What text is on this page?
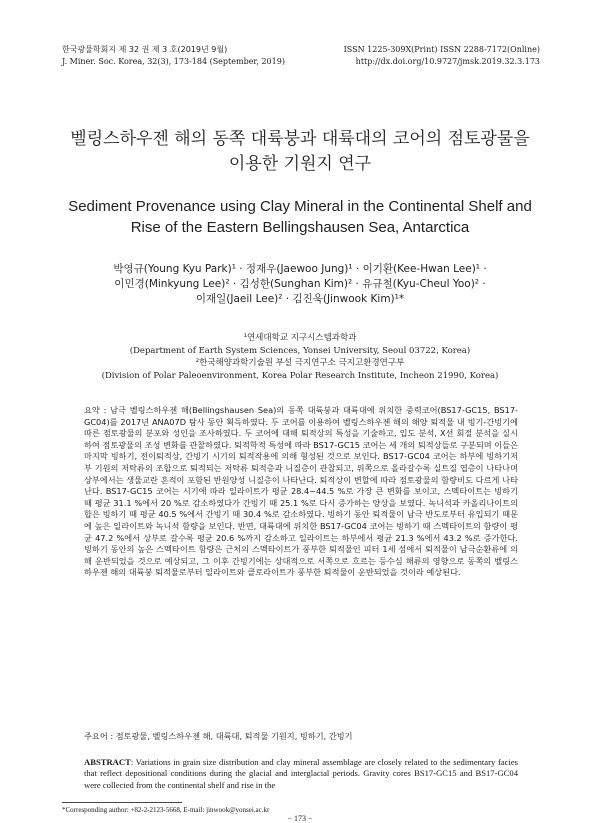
한국광물학회지 제 32 권 제 3 호(2019년 9월)
J. Miner. Soc. Korea, 32(3), 173-184 (September, 2019)
ISSN 1225-309X(Print) ISSN 2288-7172(Online)
http://dx.doi.org/10.9727/jmsk.2019.32.3.173
벨링스하우젠 해의 동쪽 대륙붕과 대륙대의 코어의 점토광물을
이용한 기원지 연구
Sediment Provenance using Clay Mineral in the Continental Shelf and
Rise of the Eastern Bellingshausen Sea, Antarctica
박영규(Young Kyu Park)¹ · 정재우(Jaewoo Jung)¹ · 이기환(Kee-Hwan Lee)¹ ·
이민경(Minkyung Lee)² · 김성한(Sunghan Kim)² · 유규철(Kyu-Cheul Yoo)² ·
이재일(Jaeil Lee)² · 김진욱(Jinwook Kim)¹*
¹연세대학교 지구시스템과학과
(Department of Earth System Sciences, Yonsei University, Seoul 03722, Korea)
²한국해양과학기술원 부설 극지연구소 극지고환경연구부
(Division of Polar Paleoenvironment, Korea Polar Research Institute, Incheon 21990, Korea)
요약 : 남극 벨링스하우젠 해(Bellingshausen Sea)의 동쪽 대륙붕과 대륙대에 위치한 중력코어(BS17-GC15, BS17-GC04)를 2017년 ANA07D 탐사 동안 획득하였다. 두 코어를 이용하여 벨링스하우젠 해의 해양 퇴적물 내 빙기-간빙기에 따른 점토광물의 분포와 성인을 조사하였다. 두 코어에 대해 퇴적상의 특성을 기술하고, 입도 분석, X선 회절 분석을 실시하여 점토광물의 조성 변화를 관찰하였다. 퇴적학적 특성에 따라 BS17-GC15 코어는 세 개의 퇴적상들로 구분되며 이들은 마지막 빙하기, 전이퇴적상, 간빙기 시기의 퇴적작용에 의해 형성된 것으로 보인다. BS17-GC04 코어는 하부에 빙하기저부 기원의 저탁류의 조합으로 퇴적되는 저탁류 퇴적층과 니질층이 관찰되고, 위쪽으로 올라갈수록 실트질 엽층이 나타나며 상부에서는 생물교란 흔적이 포함된 반원양성 니질층이 나타난다. 퇴적상이 변할에 따라 점토광물의 함량비도 다르게 나타난다. BS17-GC15 코어는 시기에 따라 일라이트가 평균 28.4~44.5 %로 가장 큰 변화를 보이고, 스멕타이트는 빙하기 때 평균 31.1 %에서 20 %로 감소하였다가 간빙기 때 25.1 %로 다시 증가하는 양상을 보였다. 녹니석과 카올리나이트의 합은 빙하기 때 평균 40.5 %에서 간빙기 때 30.4 %로 감소하였다. 빙하기 동안 퇴적물이 남극 반도로부터 유입되기 때문에 높은 일라이트와 녹니석 함량을 보인다. 반면, 대륙대에 위치한 BS17-GC04 코어는 빙하기 때 스멕타이트의 함량이 평균 47.2 %에서 상부로 갈수록 평균 20.6 %까지 감소하고 일라이트는 하부에서 평균 21.3 %에서 43.2 %로 증가한다. 빙하기 동안의 높은 스멕타이트 함량은 근처의 스멕타이트가 풍부한 퇴적물인 피터 1세 섬에서 퇴적물이 남극순환류에 의해 운반되었을 것으로 예상되고, 그 이후 간빙기에는 상대적으로 서쪽으로 흐르는 등수심 해류의 영향으로 동쪽의 벨링스하우젠 해의 대륙붕 퇴적물로부터 일라이트와 클로라이트가 풍부한 퇴적물이 운반되었을 것이라 예상된다.
주요어 : 점토광물, 벨링스하우젠 해, 대륙대, 퇴적물 기원지, 빙하기, 간빙기
ABSTRACT: Variations in grain size distribution and clay mineral assemblage are closely related to the sedimentary facies that reflect depositional conditions during the glacial and interglacial periods. Gravity cores BS17-GC15 and BS17-GC04 were collected from the continental shelf and rise in the
*Corresponding author: +82-2-2123-5668, E-mail: jinwook@yonsei.ac.kr
− 173 −
